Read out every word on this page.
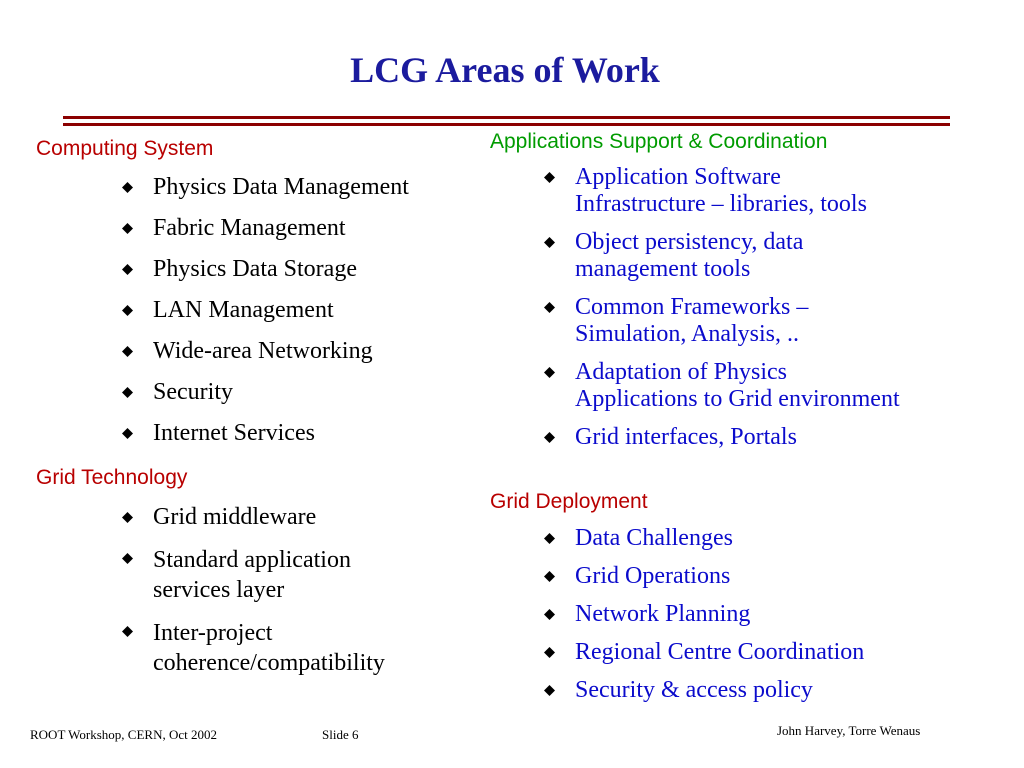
LCG Areas of Work
Computing System
Physics Data Management
Fabric Management
Physics Data Storage
LAN Management
Wide-area Networking
Security
Internet Services
Grid Technology
Grid middleware
Standard application
services layer
Inter-project
coherence/compatibility
Applications Support & Coordination
Application Software
Infrastructure – libraries, tools
Object persistency, data
management tools
Common Frameworks –
Simulation, Analysis, ..
Adaptation of Physics
Applications to Grid environment
Grid interfaces, Portals
Grid Deployment
Data Challenges
Grid Operations
Network Planning
Regional Centre Coordination
Security & access policy
ROOT Workshop, CERN, Oct 2002	Slide 6	John Harvey, Torre Wenaus
